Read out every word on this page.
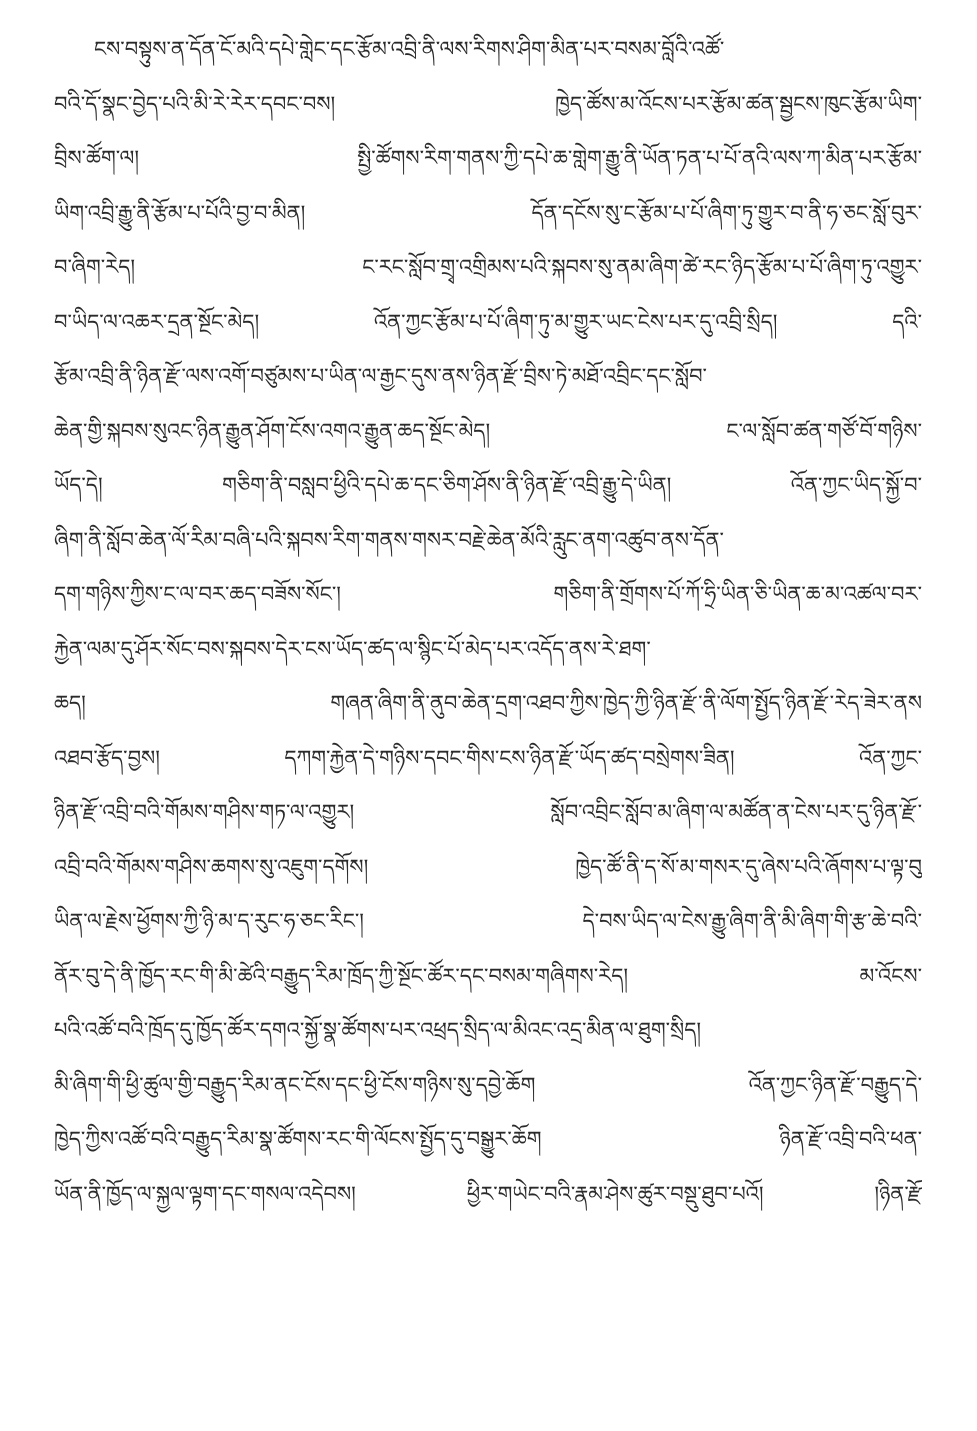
ངས་བསྟུས་ན་དོན་ངོ་མའི་དཔེ་གླེང་དང་རྩོམ་འབྲི་ནི་ལས་རིགས་ཤིག་མིན་པར་བསམ་བློའི་འཚོ་
བའི་དོ་སྣང་བྱེད་པའི་མི་རེ་རེར་དབང་བས། ཁྱེད་ཚོས་མ་འོངས་པར་རྩོམ་ཚན་སྦྱངས་ཁུང་རྩོམ་ཡིག་
བྲིས་ཚོག་ལ། སྤྱི་ཚོགས་རིག་གནས་ཀྱི་དཔེ་ཆ་གླེག་རྒྱུ་ནི་ཡོན་ཏན་པ་པོ་ནའི་ལས་ཀ་མིན་པར་རྩོམ་
ཡིག་འབྲི་རྒྱུ་ནི་རྩོམ་པ་པོའི་བྱ་བ་མིན། དོན་དངོས་སུ་ང་རྩོམ་པ་པོ་ཞིག་ཏུ་གྱུར་བ་ནི་ཧ་ཅང་སློ་བུར་
བ་ཞིག་རེད། ང་རང་སློབ་གྲྭ་འགྲིམས་པའི་སྐབས་སུ་ནམ་ཞིག་ཚེ་རང་ཉིད་རྩོམ་པ་པོ་ཞིག་ཏུ་འགྱུར་
བ་ཡིད་ལ་འཆར་དྲན་སྔོང་མེད། འོན་ཀྱང་རྩོམ་པ་པོ་ཞིག་ཏུ་མ་གྱུར་ཡང་ངེས་པར་དུ་འབྲི་སྲིད། དའི་
རྩོམ་འབྲི་ནི་ཉིན་རྫོ་ལས་འགོ་བཙུམས་པ་ཡིན་ལ་རྒྱང་དུས་ནས་ཉིན་རྫོ་བྲིས་ཏེ་མཐོ་འབྲིང་དང་སློབ་
ཆེན་གྱི་སྐབས་སུའང་ཉིན་རྒྱུན་ཤོག་ངོས་འགའ་རྒྱུན་ཆད་སྔོང་མེད། ང་ལ་སློབ་ཚན་གཙོ་བོ་གཉིས་
ཡོད་དེ། གཅིག་ནི་བསླབ་ཕྱིའི་དཔེ་ཆ་དང་ཅིག་ཤོས་ནི་ཉིན་རྫོ་འབྲི་རྒྱུ་དེ་ཡིན། འོན་ཀྱང་ཡིད་སྐྱོ་བ་
ཞིག་ནི་སློབ་ཆེན་ལོ་རིམ་བཞི་པའི་སྐབས་རིག་གནས་གསར་བརྗེ་ཆེན་མོའི་རླུང་ནག་འཚུབ་ནས་དོན་
དག་གཉིས་ཀྱིས་ང་ལ་བར་ཆད་བཟོས་སོང་། གཅིག་ནི་གྲོགས་པོ་ཀོ་ཧྲི་ཡིན་ཅི་ཡིན་ཆ་མ་འཚལ་བར་
རྐྱེན་ལམ་དུ་ཤོར་སོང་བས་སྐབས་དེར་ངས་ཡོད་ཚད་ལ་སྙིང་པོ་མེད་པར་འདོད་ནས་རེ་ཐག་
ཆད། གཞན་ཞིག་ནི་ནུབ་ཆེན་དྲག་འཐབ་ཀྱིས་ཁྱེད་ཀྱི་ཉིན་རྫོ་ནི་ལོག་སྤྱོད་ཉིན་རྫོ་རེད་ཟེར་ནས
འཐབ་རྩོད་བྱས། དཀག་རྐྱེན་དེ་གཉིས་དབང་གིས་ངས་ཉིན་རྫོ་ཡོད་ཚད་བསྲེགས་ཟིན། འོན་ཀྱང་
ཉིན་རྫོ་འབྲི་བའི་གོམས་གཤིས་གཏ་ལ་འགྱུར། སློབ་འབྲིང་སློབ་མ་ཞིག་ལ་མཚོན་ན་ངེས་པར་དུ་ཉིན་རྫོ་
འབྲི་བའི་གོམས་གཤིས་ཆགས་སུ་འཇུག་དགོས། ཁྱེད་ཚོ་ནི་ད་སོ་མ་གསར་དུ་ཞེས་པའི་ཞོགས་པ་ལྟ་བུ
ཡིན་ལ་རྗེས་ཕྱོགས་ཀྱི་ཉི་མ་ད་རུང་ཧ་ཅང་རིང་། དེ་བས་ཡིད་ལ་ངེས་རྒྱུ་ཞིག་ནི་མི་ཞིག་གི་རྩ་ཆེ་བའི་
ནོར་བུ་དེ་ནི་ཁྱོད་རང་གི་མི་ཚེའི་བརྒྱུད་རིམ་ཁྲོད་ཀྱི་སྔོང་ཚོར་དང་བསམ་གཞིགས་རེད། མ་འོངས་
པའི་འཚོ་བའི་ཁྲོད་དུ་ཁྱོད་ཚོར་དགའ་སྐྱོ་སྣ་ཚོགས་པར་འཕྲད་སྲིད་ལ་མིའང་འདྲ་མིན་ལ་ཐུག་སྲིད།
མི་ཞིག་གི་ཕྱི་ཚུལ་གྱི་བརྒྱུད་རིམ་ནང་ངོས་དང་ཕྱི་ངོས་གཉིས་སུ་དབྱེ་ཆོག འོན་ཀྱང་ཉིན་རྫོ་བརྒྱུད་དེ་
ཁྱེད་ཀྱིས་འཚོ་བའི་བརྒྱུད་རིམ་སྣ་ཚོགས་རང་གི་ལོངས་སྤྱོད་དུ་བསྒྱུར་ཆོག ཉིན་རྫོ་འབྲི་བའི་ཕན་
ཡོན་ནི་ཁྱོད་ལ་སྐྱལ་ལྟག་དང་གསལ་འདེབས། ཕྱིར་གཡེང་བའི་རྣམ་ཤེས་ཚུར་བསྡུ་ཐུབ་པའོ། །ཉིན་རྫོ
